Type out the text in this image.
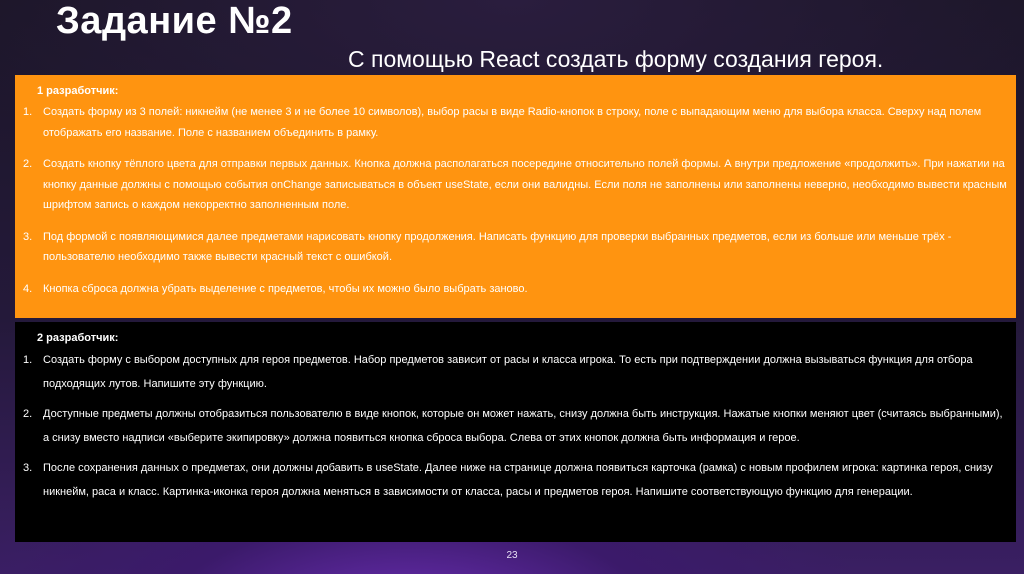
Задание №2
С помощью React создать форму создания героя.
1 разработчик:
1. Создать форму из 3 полей: никнейм (не менее 3 и не более 10 символов), выбор расы в виде Radio-кнопок в строку, поле с выпадающим меню для выбора класса. Сверху над полем отображать его название. Поле с названием объединить в рамку.
2. Создать кнопку тёплого цвета для отправки первых данных. Кнопка должна располагаться посередине относительно полей формы. А внутри предложение «продолжить». При нажатии на кнопку данные должны с помощью события onChange записываться в объект useState, если они валидны. Если поля не заполнены или заполнены неверно, необходимо вывести красным шрифтом запись о каждом некорректно заполненным поле.
3. Под формой с появляющимися далее предметами нарисовать кнопку продолжения. Написать функцию для проверки выбранных предметов, если из больше или меньше трёх - пользователю необходимо также вывести красный текст с ошибкой.
4. Кнопка сброса должна убрать выделение с предметов, чтобы их можно было выбрать заново.
2 разработчик:
1. Создать форму с выбором доступных для героя предметов. Набор предметов зависит от расы и класса игрока. То есть при подтверждении должна вызываться функция для отбора подходящих лутов. Напишите эту функцию.
2. Доступные предметы должны отобразиться пользователю в виде кнопок, которые он может нажать, снизу должна быть инструкция. Нажатые кнопки меняют цвет (считаясь выбранными), а снизу вместо надписи «выберите экипировку» должна появиться кнопка сброса выбора. Слева от этих кнопок должна быть информация и герое.
3. После сохранения данных о предметах, они должны добавить в useState. Далее ниже на странице должна появиться карточка (рамка) с новым профилем игрока: картинка героя, снизу никнейм, раса и класс. Картинка-иконка героя должна меняться в зависимости от класса, расы и предметов героя. Напишите соответствующую функцию для генерации.
23
